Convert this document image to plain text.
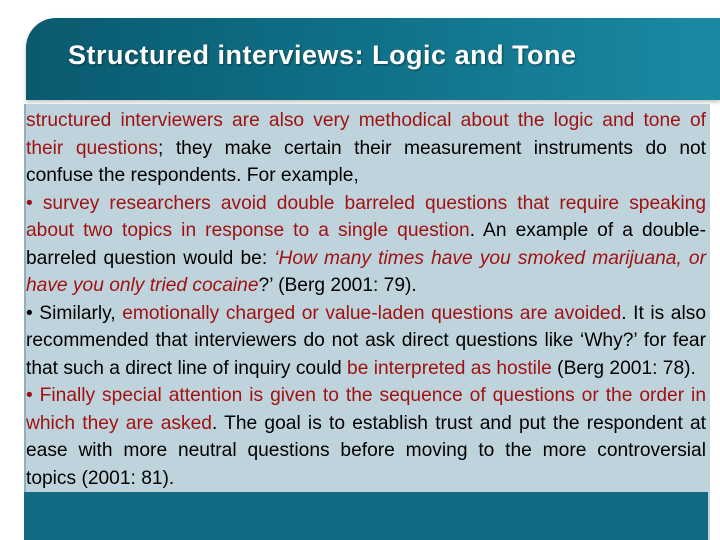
Structured interviews: Logic and Tone

structured interviewers are also very methodical about the logic and tone of their questions; they make certain their measurement instruments do not confuse the respondents. For example,

• survey researchers avoid double barreled questions that require speaking about two topics in response to a single question. An example of a double-barreled question would be: ‘How many times have you smoked marijuana, or have you only tried cocaine?’ (Berg 2001: 79).

• Similarly, emotionally charged or value-laden questions are avoided. It is also recommended that interviewers do not ask direct questions like ‘Why?’ for fear that such a direct line of inquiry could be interpreted as hostile (Berg 2001: 78).

• Finally special attention is given to the sequence of questions or the order in which they are asked. The goal is to establish trust and put the respondent at ease with more neutral questions before moving to the more controversial topics (2001: 81).
